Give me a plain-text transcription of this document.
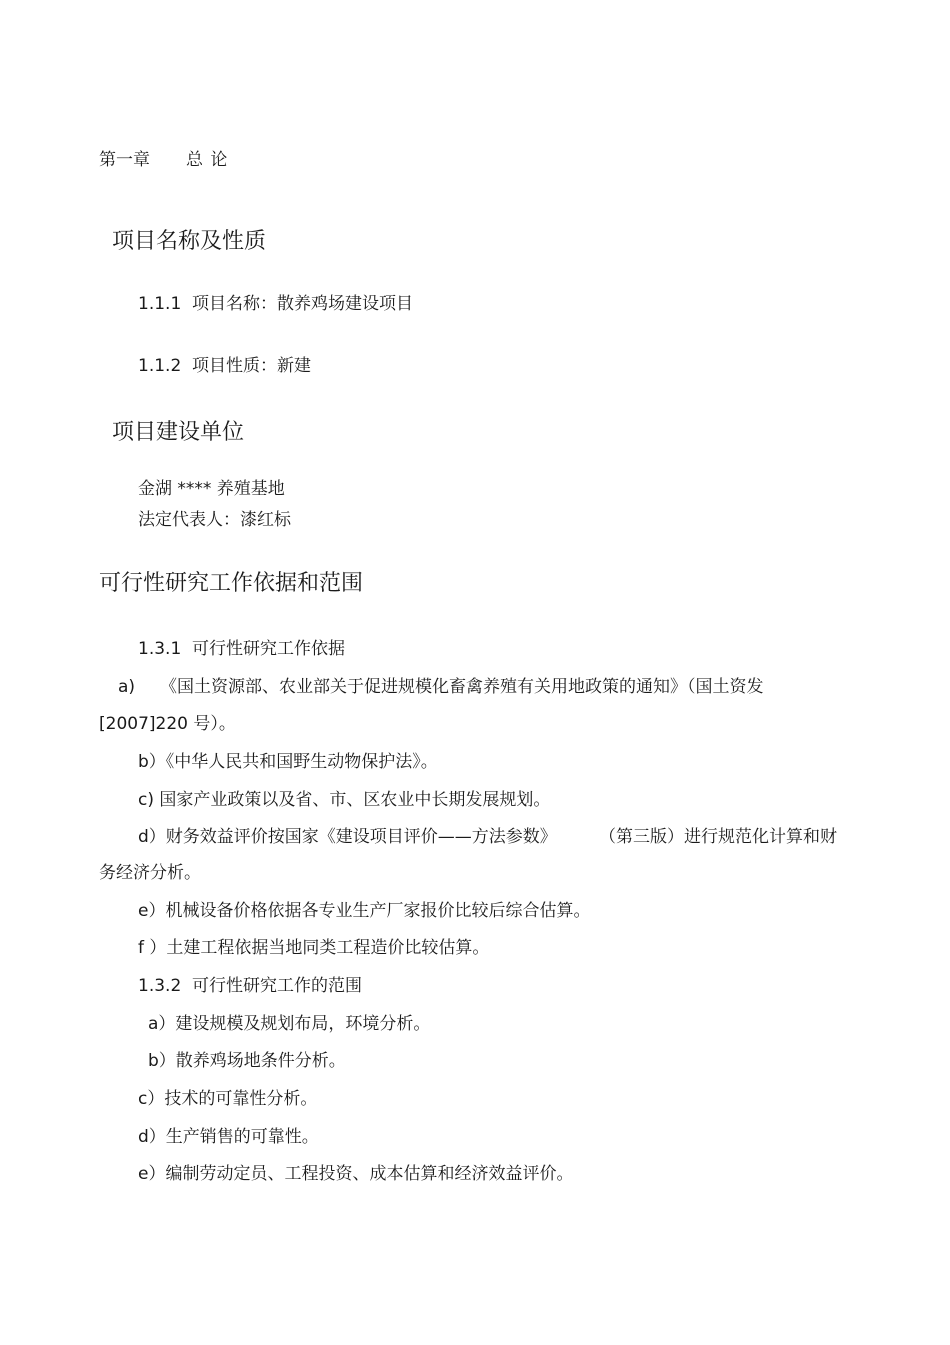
第一章 总 论
项目名称及性质
1.1.1 项目名称：散养鸡场建设项目
1.1.2 项目性质：新建
项目建设单位
金湖 **** 养殖基地
法定代表人：漆红标
可行性研究工作依据和范围
1.3.1 可行性研究工作依据
a) 《国土资源部、农业部关于促进规模化畜禽养殖有关用地政策的通知》（国土资发
[2007]220 号）。
b）《中华人民共和国野生动物保护法》。
c) 国家产业政策以及省、市、区农业中长期发展规划。
d）财务效益评价按国家《建设项目评价——方法参数》 （第三版）进行规范化计算和财
务经济分析。
e）机械设备价格依据各专业生产厂家报价比较后综合估算。
f ）土建工程依据当地同类工程造价比较估算。
1.3.2 可行性研究工作的范围
a）建设规模及规划布局，环境分析。
b）散养鸡场地条件分析。
c）技术的可靠性分析。
d）生产销售的可靠性。
e）编制劳动定员、工程投资、成本估算和经济效益评价。
